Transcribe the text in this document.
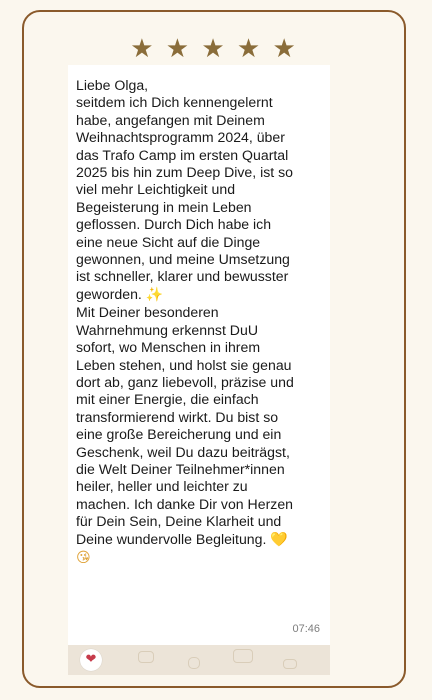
★ ★ ★ ★ ★
Liebe Olga,
seitdem ich Dich kennengelernt
habe, angefangen mit Deinem
Weihnachtsprogramm 2024, über
das Trafo Camp im ersten Quartal
2025 bis hin zum Deep Dive, ist so
viel mehr Leichtigkeit und
Begeisterung in mein Leben
geflossen. Durch Dich habe ich
eine neue Sicht auf die Dinge
gewonnen, und meine Umsetzung
ist schneller, klarer und bewusster
geworden. ✨
Mit Deiner besonderen
Wahrnehmung erkennst DuU
sofort, wo Menschen in ihrem
Leben stehen, und holst sie genau
dort ab, ganz liebevoll, präzise und
mit einer Energie, die einfach
transformierend wirkt. Du bist so
eine große Bereicherung und ein
Geschenk, weil Du dazu beiträgst,
die Welt Deiner Teilnehmer*innen
heiler, heller und leichter zu
machen. Ich danke Dir von Herzen
für Dein Sein, Deine Klarheit und
Deine wundervolle Begleitung. 💛
😘
07:46
❤
